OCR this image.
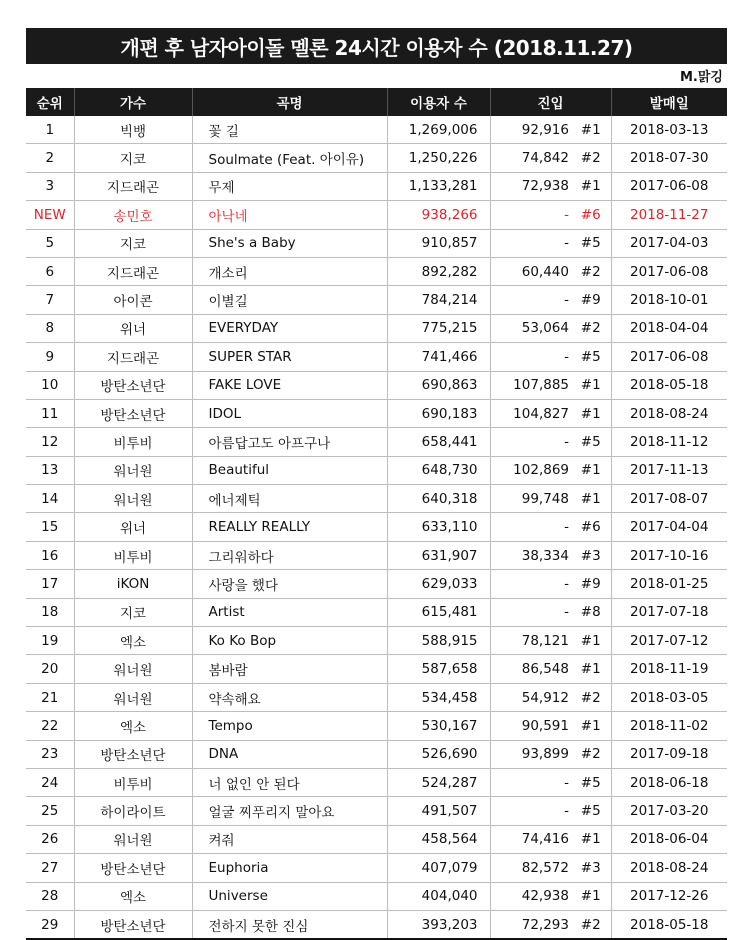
개편 후 남자아이돌 멜론 24시간 이용자 수 (2018.11.27)
M.맑깅
순위	가수	곡명	이용자 수	진입		발매일
1	빅뱅	꽃 길	1,269,006	92,916	#1	2018-03-13
2	지코	Soulmate (Feat. 아이유)	1,250,226	74,842	#2	2018-07-30
3	지드래곤	무제	1,133,281	72,938	#1	2017-06-08
NEW	송민호	아낙네	938,266	-	#6	2018-11-27
5	지코	She's a Baby	910,857	-	#5	2017-04-03
6	지드래곤	개소리	892,282	60,440	#2	2017-06-08
7	아이콘	이별길	784,214	-	#9	2018-10-01
8	위너	EVERYDAY	775,215	53,064	#2	2018-04-04
9	지드래곤	SUPER STAR	741,466	-	#5	2017-06-08
10	방탄소년단	FAKE LOVE	690,863	107,885	#1	2018-05-18
11	방탄소년단	IDOL	690,183	104,827	#1	2018-08-24
12	비투비	아름답고도 아프구나	658,441	-	#5	2018-11-12
13	워너원	Beautiful	648,730	102,869	#1	2017-11-13
14	워너원	에너제틱	640,318	99,748	#1	2017-08-07
15	위너	REALLY REALLY	633,110	-	#6	2017-04-04
16	비투비	그리워하다	631,907	38,334	#3	2017-10-16
17	iKON	사랑을 했다	629,033	-	#9	2018-01-25
18	지코	Artist	615,481	-	#8	2017-07-18
19	엑소	Ko Ko Bop	588,915	78,121	#1	2017-07-12
20	워너원	봄바람	587,658	86,548	#1	2018-11-19
21	워너원	약속해요	534,458	54,912	#2	2018-03-05
22	엑소	Tempo	530,167	90,591	#1	2018-11-02
23	방탄소년단	DNA	526,690	93,899	#2	2017-09-18
24	비투비	너 없인 안 된다	524,287	-	#5	2018-06-18
25	하이라이트	얼굴 찌푸리지 말아요	491,507	-	#5	2017-03-20
26	워너원	켜줘	458,564	74,416	#1	2018-06-04
27	방탄소년단	Euphoria	407,079	82,572	#3	2018-08-24
28	엑소	Universe	404,040	42,938	#1	2017-12-26
29	방탄소년단	전하지 못한 진심	393,203	72,293	#2	2018-05-18
